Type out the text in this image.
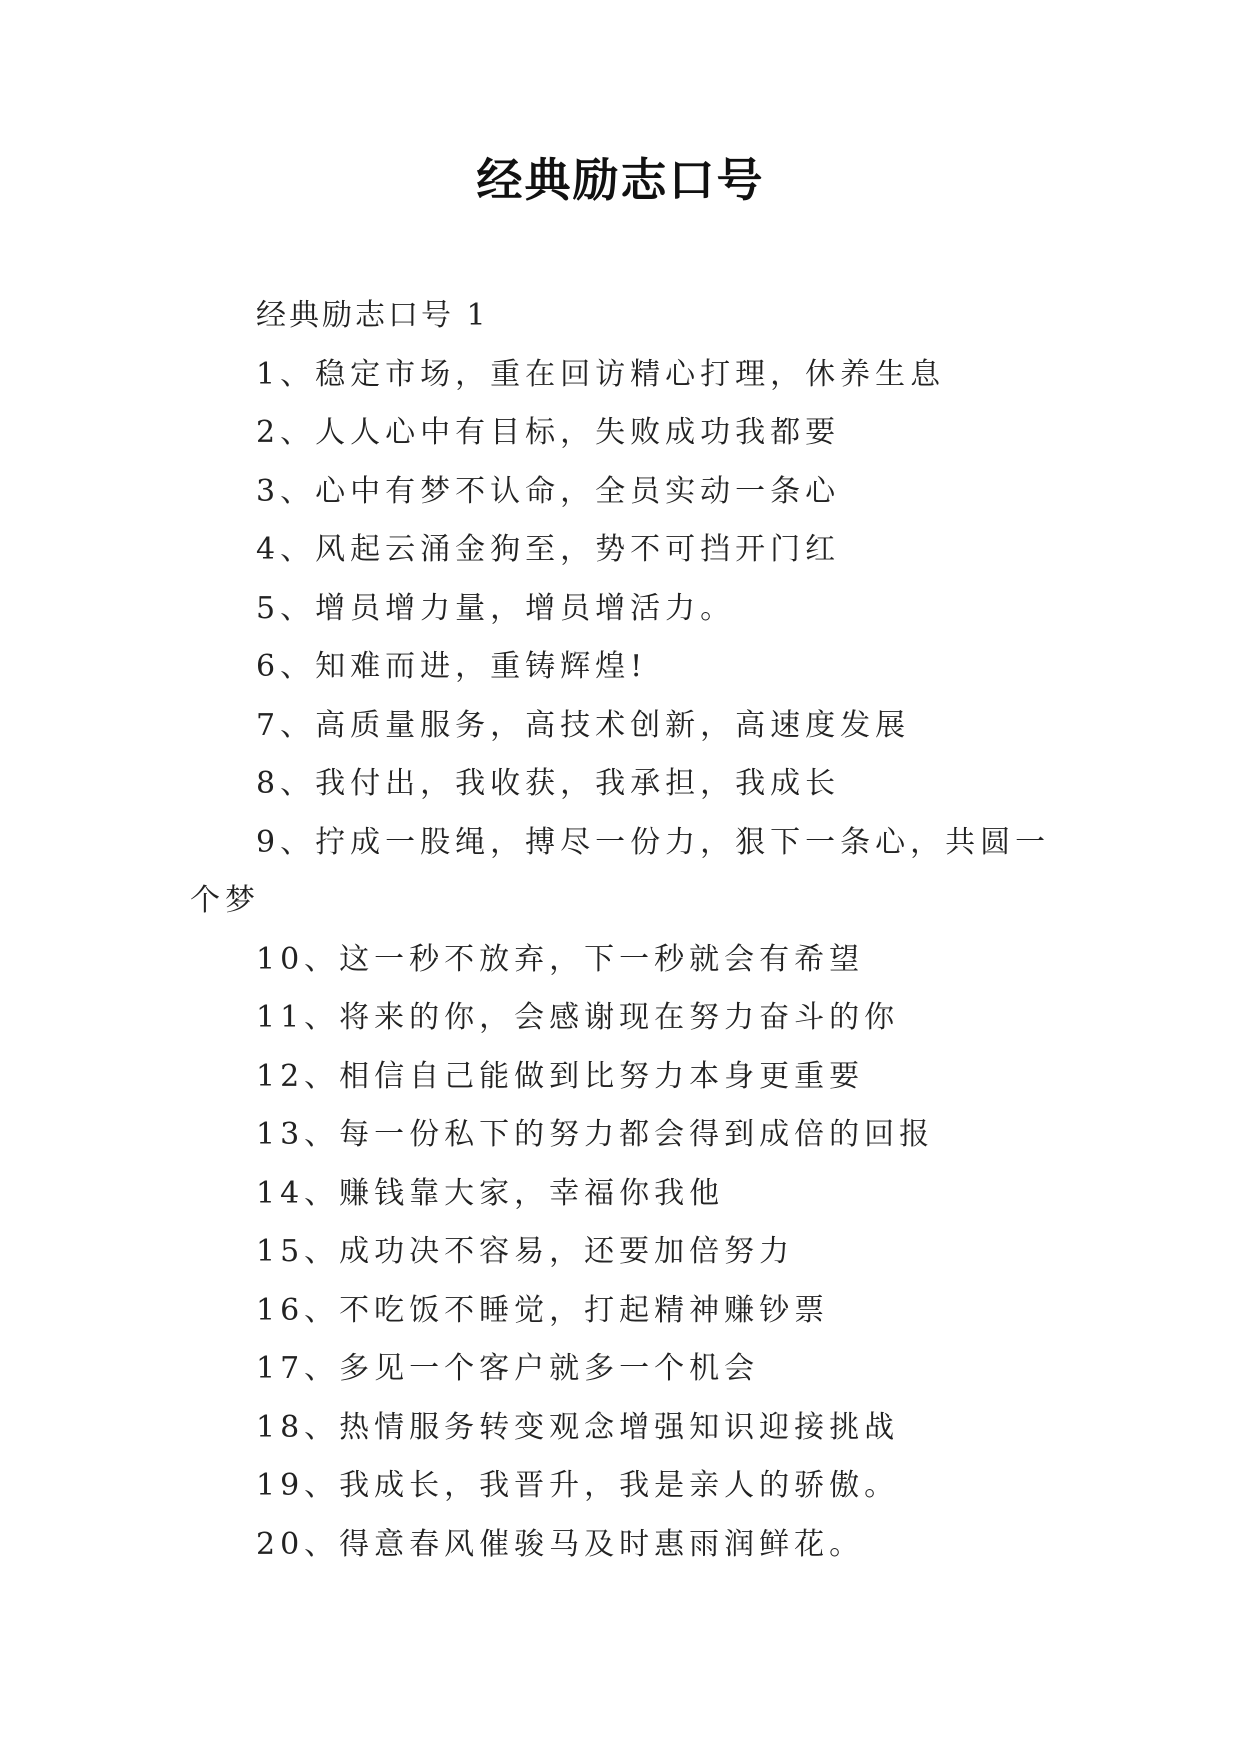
经典励志口号
经典励志口号 1
1、稳定市场，重在回访精心打理，休养生息
2、人人心中有目标，失败成功我都要
3、心中有梦不认命，全员实动一条心
4、风起云涌金狗至，势不可挡开门红
5、增员增力量，增员增活力。
6、知难而进，重铸辉煌!
7、高质量服务，高技术创新，高速度发展
8、我付出，我收获，我承担，我成长
9、拧成一股绳，搏尽一份力，狠下一条心，共圆一个梦
10、这一秒不放弃，下一秒就会有希望
11、将来的你，会感谢现在努力奋斗的你
12、相信自己能做到比努力本身更重要
13、每一份私下的努力都会得到成倍的回报
14、赚钱靠大家，幸福你我他
15、成功决不容易，还要加倍努力
16、不吃饭不睡觉，打起精神赚钞票
17、多见一个客户就多一个机会
18、热情服务转变观念增强知识迎接挑战
19、我成长，我晋升，我是亲人的骄傲。
20、得意春风催骏马及时惠雨润鲜花。
